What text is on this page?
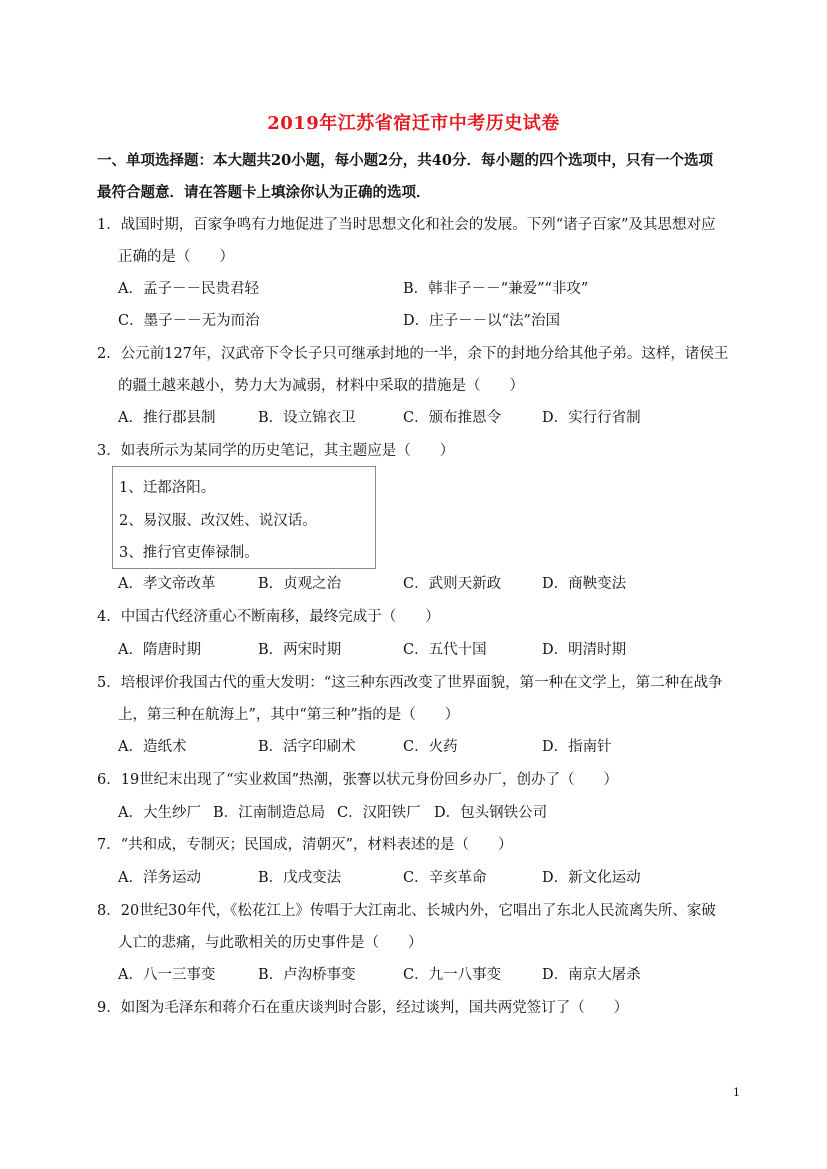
2019年江苏省宿迁市中考历史试卷
一、单项选择题：本大题共20小题，每小题2分，共40分．每小题的四个选项中，只有一个选项
最符合题意．请在答题卡上填涂你认为正确的选项．
1．战国时期，百家争鸣有力地促进了当时思想文化和社会的发展。下列“诸子百家”及其思想对应
正确的是（　　）
A．孟子－－民贵君轻	B．韩非子－－“兼爱”“非攻”
C．墨子－－无为而治	D．庄子－－以“法”治国
2．公元前127年，汉武帝下令长子只可继承封地的一半，余下的封地分给其他子弟。这样，诸侯王
的疆土越来越小，势力大为减弱，材料中采取的措施是（　　）
A．推行郡县制	B．设立锦衣卫	C．颁布推恩令	D．实行行省制
3．如表所示为某同学的历史笔记，其主题应是（　　）
1、迁都洛阳。
2、易汉服、改汉姓、说汉话。
3、推行官吏俸禄制。
A．孝文帝改革	B．贞观之治	C．武则天新政	D．商鞅变法
4．中国古代经济重心不断南移，最终完成于（　　）
A．隋唐时期	B．两宋时期	C．五代十国	D．明清时期
5．培根评价我国古代的重大发明：“这三种东西改变了世界面貌，第一种在文学上，第二种在战争
上，第三种在航海上”，其中“第三种”指的是（　　）
A．造纸术	B．活字印刷术	C．火药	D．指南针
6．19世纪末出现了“实业救国”热潮，张謇以状元身份回乡办厂，创办了（　　）
A．大生纱厂 B．江南制造总局 C．汉阳铁厂 D．包头钢铁公司
7．“共和成，专制灭；民国成，清朝灭”，材料表述的是（　　）
A．洋务运动	B．戊戌变法	C．辛亥革命	D．新文化运动
8．20世纪30年代，《松花江上》传唱于大江南北、长城内外，它唱出了东北人民流离失所、家破
人亡的悲痛，与此歌相关的历史事件是（　　）
A．八一三事变	B．卢沟桥事变	C．九一八事变	D．南京大屠杀
9．如图为毛泽东和蒋介石在重庆谈判时合影，经过谈判，国共两党签订了（　　）
1
